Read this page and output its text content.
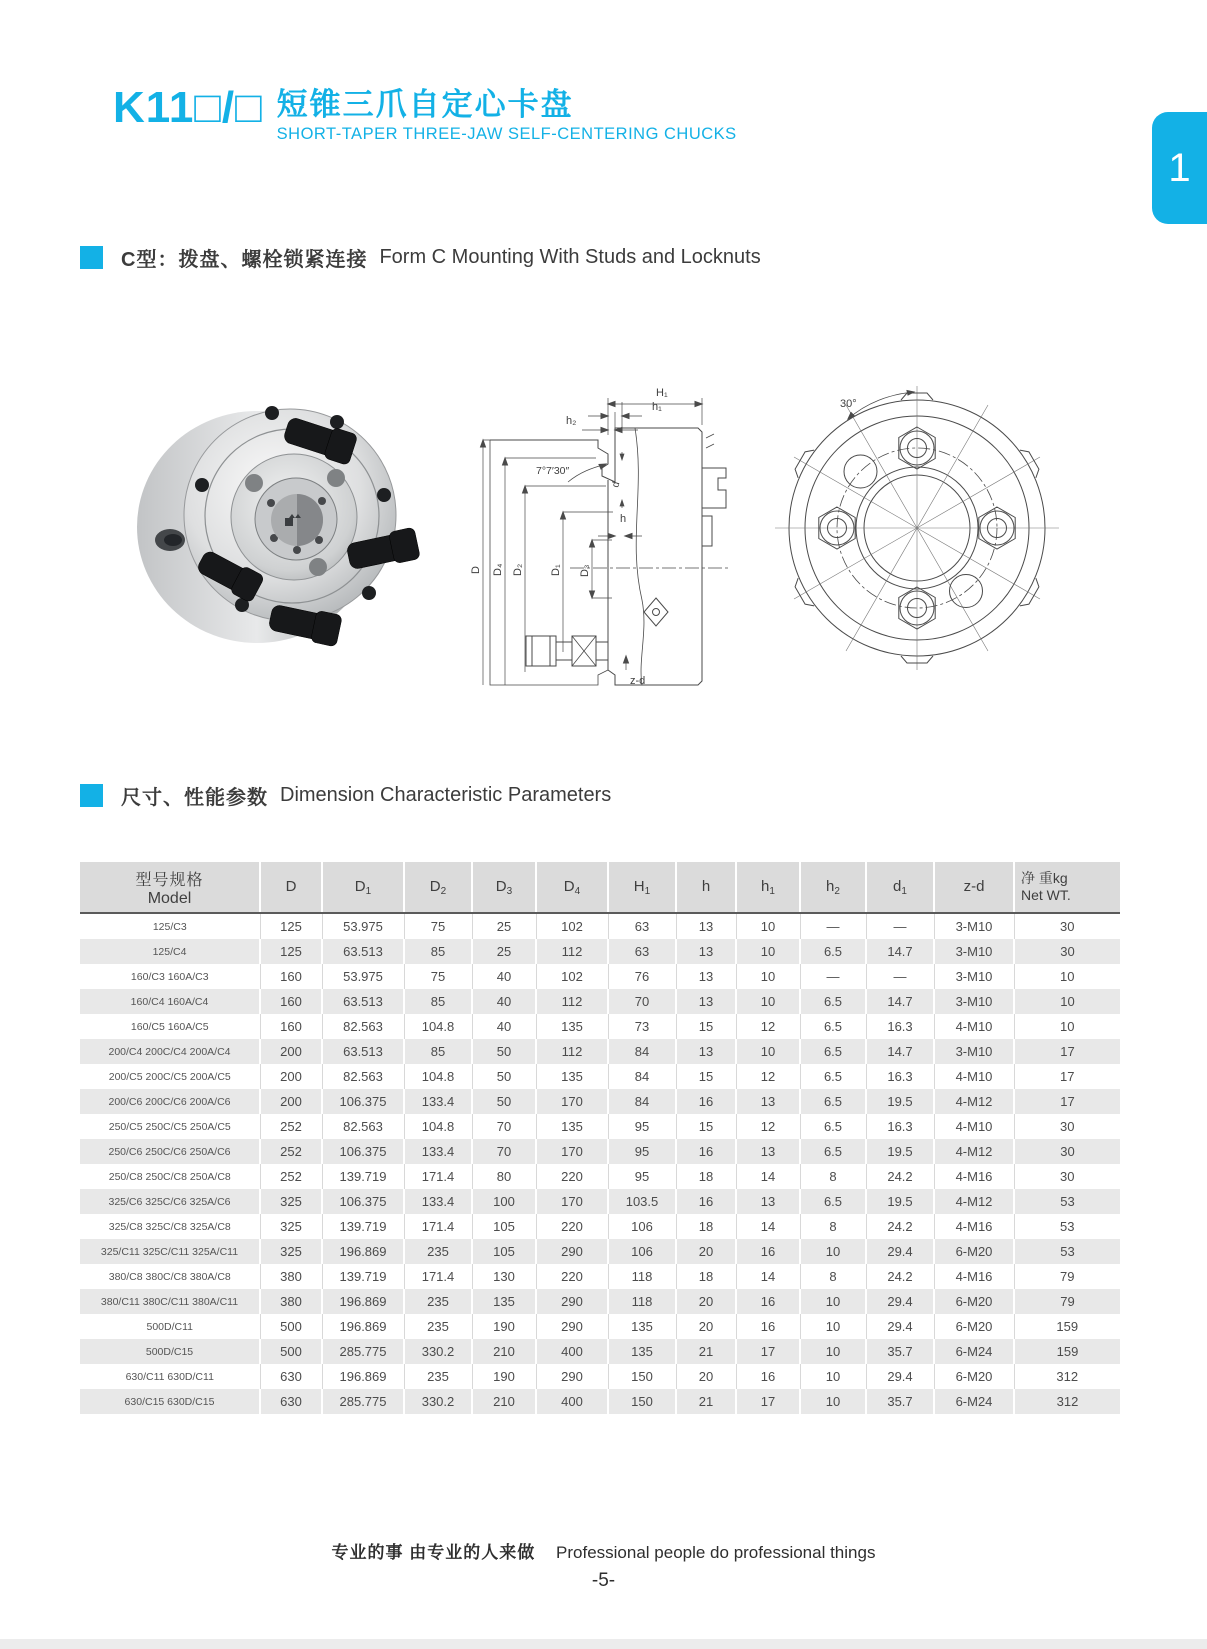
K11□/□ 短锥三爪自定心卡盘
SHORT-TAPER THREE-JAW SELF-CENTERING CHUCKS
1
C型：拨盘、螺栓锁紧连接 Form C Mounting With Studs and Locknuts
H₁
h₁
h₂
7°7′30″
h
z-d
D D₄ D₂ D₁ D₃
d
30°
尺寸、性能参数 Dimension Characteristic Parameters
型号规格
Model
	D	$D_1$	$D_2$	$D_3$	$D_4$	$H_1$	h	$h_1$	$h_2$	$d_1$	z-d	净 重kg
Net WT.

125/C3	125	53.975	75	25	102	63	13	10	—	—	3-M10	30
125/C4	125	63.513	85	25	112	63	13	10	6.5	14.7	3-M10	30
160/C3 160A/C3	160	53.975	75	40	102	76	13	10	—	—	3-M10	10
160/C4 160A/C4	160	63.513	85	40	112	70	13	10	6.5	14.7	3-M10	10
160/C5 160A/C5	160	82.563	104.8	40	135	73	15	12	6.5	16.3	4-M10	10
200/C4 200C/C4 200A/C4	200	63.513	85	50	112	84	13	10	6.5	14.7	3-M10	17
200/C5 200C/C5 200A/C5	200	82.563	104.8	50	135	84	15	12	6.5	16.3	4-M10	17
200/C6 200C/C6 200A/C6	200	106.375	133.4	50	170	84	16	13	6.5	19.5	4-M12	17
250/C5 250C/C5 250A/C5	252	82.563	104.8	70	135	95	15	12	6.5	16.3	4-M10	30
250/C6 250C/C6 250A/C6	252	106.375	133.4	70	170	95	16	13	6.5	19.5	4-M12	30
250/C8 250C/C8 250A/C8	252	139.719	171.4	80	220	95	18	14	8	24.2	4-M16	30
325/C6 325C/C6 325A/C6	325	106.375	133.4	100	170	103.5	16	13	6.5	19.5	4-M12	53
325/C8 325C/C8 325A/C8	325	139.719	171.4	105	220	106	18	14	8	24.2	4-M16	53
325/C11 325C/C11 325A/C11	325	196.869	235	105	290	106	20	16	10	29.4	6-M20	53
380/C8 380C/C8 380A/C8	380	139.719	171.4	130	220	118	18	14	8	24.2	4-M16	79
380/C11 380C/C11 380A/C11	380	196.869	235	135	290	118	20	16	10	29.4	6-M20	79
500D/C11	500	196.869	235	190	290	135	20	16	10	29.4	6-M20	159
500D/C15	500	285.775	330.2	210	400	135	21	17	10	35.7	6-M24	159
630/C11 630D/C11	630	196.869	235	190	290	150	20	16	10	29.4	6-M20	312
630/C15 630D/C15	630	285.775	330.2	210	400	150	21	17	10	35.7	6-M24	312
专业的事 由专业的人来做 Professional people do professional things
-5-
